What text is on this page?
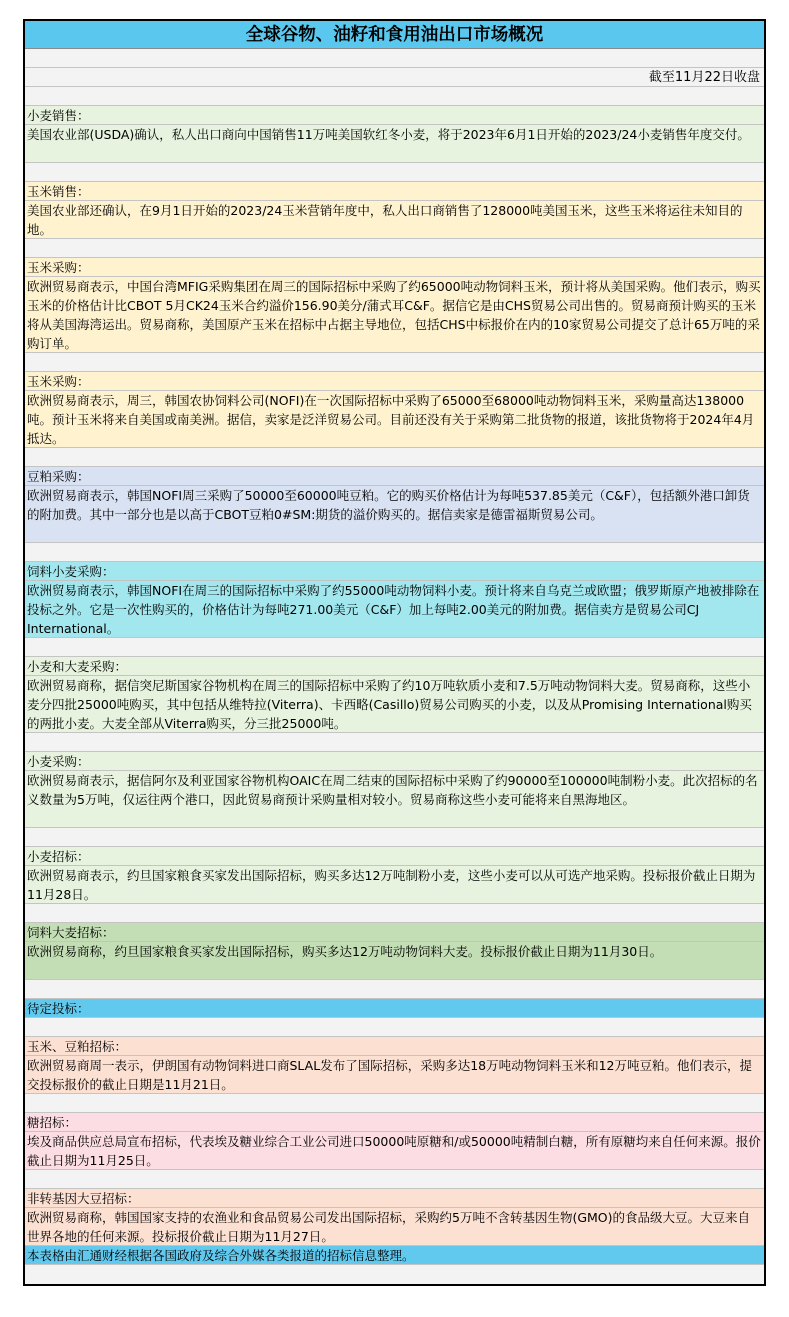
全球谷物、油籽和食用油出口市场概况
截至11月22日收盘
小麦销售：
美国农业部(USDA)确认，私人出口商向中国销售11万吨美国软红冬小麦，将于2023年6月1日开始的2023/24小麦销售年度交付。
玉米销售：
美国农业部还确认，在9月1日开始的2023/24玉米营销年度中，私人出口商销售了128000吨美国玉米，这些玉米将运往未知目的地。
玉米采购：
欧洲贸易商表示，中国台湾MFIG采购集团在周三的国际招标中采购了约65000吨动物饲料玉米，预计将从美国采购。他们表示，购买玉米的价格估计比CBOT 5月CK24玉米合约溢价156.90美分/蒲式耳C&F。据信它是由CHS贸易公司出售的。贸易商预计购买的玉米将从美国海湾运出。贸易商称，美国原产玉米在招标中占据主导地位，包括CHS中标报价在内的10家贸易公司提交了总计65万吨的采购订单。
玉米采购：
欧洲贸易商表示，周三，韩国农协饲料公司(NOFI)在一次国际招标中采购了65000至68000吨动物饲料玉米，采购量高达138000吨。预计玉米将来自美国或南美洲。据信，卖家是泛洋贸易公司。目前还没有关于采购第二批货物的报道，该批货物将于2024年4月抵达。
豆粕采购：
欧洲贸易商表示，韩国NOFI周三采购了50000至60000吨豆粕。它的购买价格估计为每吨537.85美元（C&F），包括额外港口卸货的附加费。其中一部分也是以高于CBOT豆粕0#SM:期货的溢价购买的。据信卖家是德雷福斯贸易公司。
饲料小麦采购：
欧洲贸易商表示，韩国NOFI在周三的国际招标中采购了约55000吨动物饲料小麦。预计将来自乌克兰或欧盟；俄罗斯原产地被排除在投标之外。它是一次性购买的，价格估计为每吨271.00美元（C&F）加上每吨2.00美元的附加费。据信卖方是贸易公司CJ International。
小麦和大麦采购：
欧洲贸易商称，据信突尼斯国家谷物机构在周三的国际招标中采购了约10万吨软质小麦和7.5万吨动物饲料大麦。贸易商称，这些小麦分四批25000吨购买，其中包括从维特拉(Viterra)、卡西略(Casillo)贸易公司购买的小麦，以及从Promising International购买的两批小麦。大麦全部从Viterra购买，分三批25000吨。
小麦采购：
欧洲贸易商表示，据信阿尔及利亚国家谷物机构OAIC在周二结束的国际招标中采购了约90000至100000吨制粉小麦。此次招标的名义数量为5万吨，仅运往两个港口，因此贸易商预计采购量相对较小。贸易商称这些小麦可能将来自黑海地区。
小麦招标：
欧洲贸易商表示，约旦国家粮食买家发出国际招标，购买多达12万吨制粉小麦，这些小麦可以从可选产地采购。投标报价截止日期为11月28日。
饲料大麦招标：
欧洲贸易商称，约旦国家粮食买家发出国际招标，购买多达12万吨动物饲料大麦。投标报价截止日期为11月30日。
待定投标：
玉米、豆粕招标：
欧洲贸易商周一表示，伊朗国有动物饲料进口商SLAL发布了国际招标，采购多达18万吨动物饲料玉米和12万吨豆粕。他们表示，提交投标报价的截止日期是11月21日。
糖招标：
埃及商品供应总局宣布招标，代表埃及糖业综合工业公司进口50000吨原糖和/或50000吨精制白糖，所有原糖均来自任何来源。报价截止日期为11月25日。
非转基因大豆招标：
欧洲贸易商称，韩国国家支持的农渔业和食品贸易公司发出国际招标，采购约5万吨不含转基因生物(GMO)的食品级大豆。大豆来自世界各地的任何来源。投标报价截止日期为11月27日。
本表格由汇通财经根据各国政府及综合外媒各类报道的招标信息整理。
